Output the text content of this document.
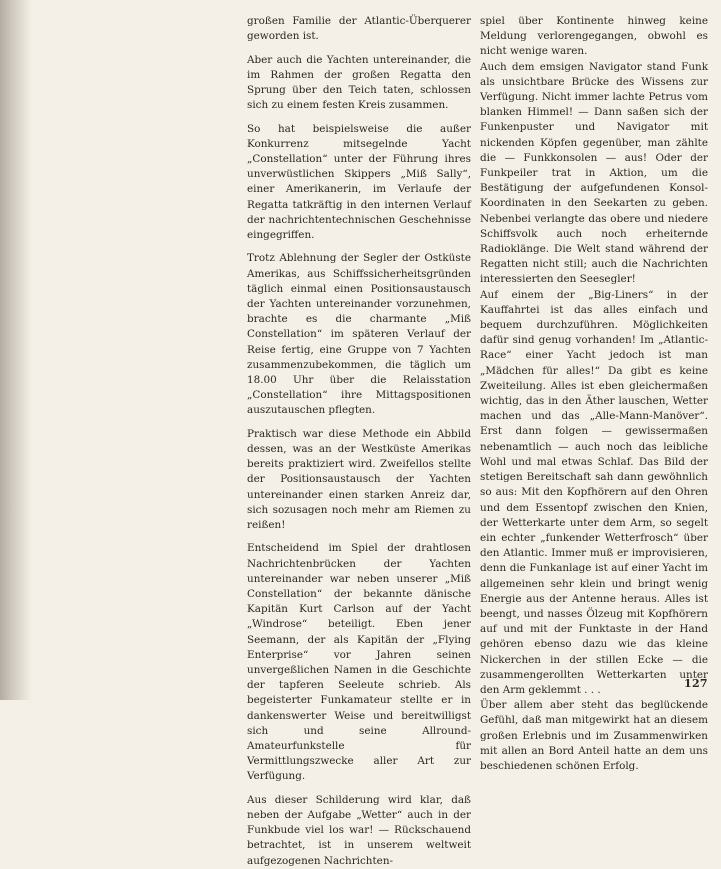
großen Familie der Atlantic-Überquerer geworden ist.

Aber auch die Yachten untereinander, die im Rahmen der großen Regatta den Sprung über den Teich taten, schlossen sich zu einem festen Kreis zusammen.

So hat beispielsweise die außer Konkurrenz mitsegelnde Yacht „Constellation“ unter der Führung ihres unverwüstlichen Skippers „Miß Sally“, einer Amerikanerin, im Verlaufe der Regatta tatkräftig in den internen Verlauf der nachrichtentechnischen Geschehnisse eingegriffen.

Trotz Ablehnung der Segler der Ostküste Amerikas, aus Schiffssicherheitsgründen täglich einmal einen Positionsaustausch der Yachten untereinander vorzunehmen, brachte es die charmante „Miß Constellation“ im späteren Verlauf der Reise fertig, eine Gruppe von 7 Yachten zusammenzubekommen, die täglich um 18.00 Uhr über die Relaisstation „Constellation“ ihre Mittagspositionen auszutauschen pflegten.

Praktisch war diese Methode ein Abbild dessen, was an der Westküste Amerikas bereits praktiziert wird. Zweifellos stellte der Positionsaustausch der Yachten untereinander einen starken Anreiz dar, sich sozusagen noch mehr am Riemen zu reißen!

Entscheidend im Spiel der drahtlosen Nachrichtenbrücken der Yachten untereinander war neben unserer „Miß Constellation“ der bekannte dänische Kapitän Kurt Carlson auf der Yacht „Windrose“ beteiligt. Eben jener Seemann, der als Kapitän der „Flying Enterprise“ vor Jahren seinen unvergeßlichen Namen in die Geschichte der tapferen Seeleute schrieb. Als begeisterter Funkamateur stellte er in dankenswerter Weise und bereitwilligst sich und seine Allround-Amateurfunkstelle für Vermittlungszwecke aller Art zur Verfügung.

Aus dieser Schilderung wird klar, daß neben der Aufgabe „Wetter“ auch in der Funkbude viel los war! — Rückschauend betrachtet, ist in unserem weltweit aufgezogenen Nachrichten-

spiel über Kontinente hinweg keine Meldung verlorengegangen, obwohl es nicht wenige waren.

Auch dem emsigen Navigator stand Funk als unsichtbare Brücke des Wissens zur Verfügung. Nicht immer lachte Petrus vom blanken Himmel! — Dann saßen sich der Funkenpuster und Navigator mit nickenden Köpfen gegenüber, man zählte die — Funkkonsolen — aus! Oder der Funkpeiler trat in Aktion, um die Bestätigung der aufgefundenen Konsol-Koordinaten in den Seekarten zu geben. Nebenbei verlangte das obere und niedere Schiffsvolk auch noch erheiternde Radioklänge. Die Welt stand während der Regatten nicht still; auch die Nachrichten interessierten den Seesegler!

Auf einem der „Big-Liners“ in der Kauffahrtei ist das alles einfach und bequem durchzuführen. Möglichkeiten dafür sind genug vorhanden! Im „Atlantic-Race“ einer Yacht jedoch ist man „Mädchen für alles!“ Da gibt es keine Zweiteilung. Alles ist eben gleichermaßen wichtig, das in den Äther lauschen, Wetter machen und das „Alle-Mann-Manöver“. Erst dann folgen — gewissermaßen nebenamtlich — auch noch das leibliche Wohl und mal etwas Schlaf. Das Bild der stetigen Bereitschaft sah dann gewöhnlich so aus: Mit den Kopfhörern auf den Ohren und dem Essentopf zwischen den Knien, der Wetterkarte unter dem Arm, so segelt ein echter „funkender Wetterfrosch“ über den Atlantic. Immer muß er improvisieren, denn die Funkanlage ist auf einer Yacht im allgemeinen sehr klein und bringt wenig Energie aus der Antenne heraus. Alles ist beengt, und nasses Ölzeug mit Kopfhörern auf und mit der Funktaste in der Hand gehören ebenso dazu wie das kleine Nickerchen in der stillen Ecke — die zusammengerollten Wetterkarten unter den Arm geklemmt . . .

Über allem aber steht das beglückende Gefühl, daß man mitgewirkt hat an diesem großen Erlebnis und im Zusammenwirken mit allen an Bord Anteil hatte an dem uns beschiedenen schönen Erfolg.

127
